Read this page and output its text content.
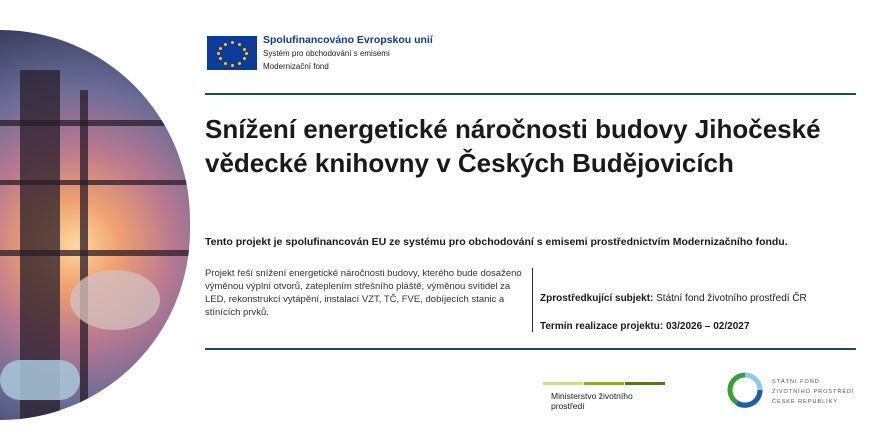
Spolufinancováno Evropskou unií
Systém pro obchodování s emisemi
Modernizační fond
Snížení energetické náročnosti budovy Jihočeské vědecké knihovny v Českých Budějovicích
Tento projekt je spolufinancován EU ze systému pro obchodování s emisemi prostřednictvím Modernizačního fondu.
Projekt řeší snížení energetické náročnosti budovy, kterého bude dosaženo výměnou výplní otvorů, zateplením střešního pláště, výměnou svítidel za LED, rekonstrukcí vytápění, instalací VZT, TČ, FVE, dobíjecích stanic a stínících prvků.
Zprostředkující subjekt: Státní fond životního prostředí ČR
Termín realizace projektu: 03/2026 – 02/2027
Ministerstvo životního prostředí
STÁTNÍ FOND
ŽIVOTNÍHO PROSTŘEDÍ
ČESKÉ REPUBLIKY
